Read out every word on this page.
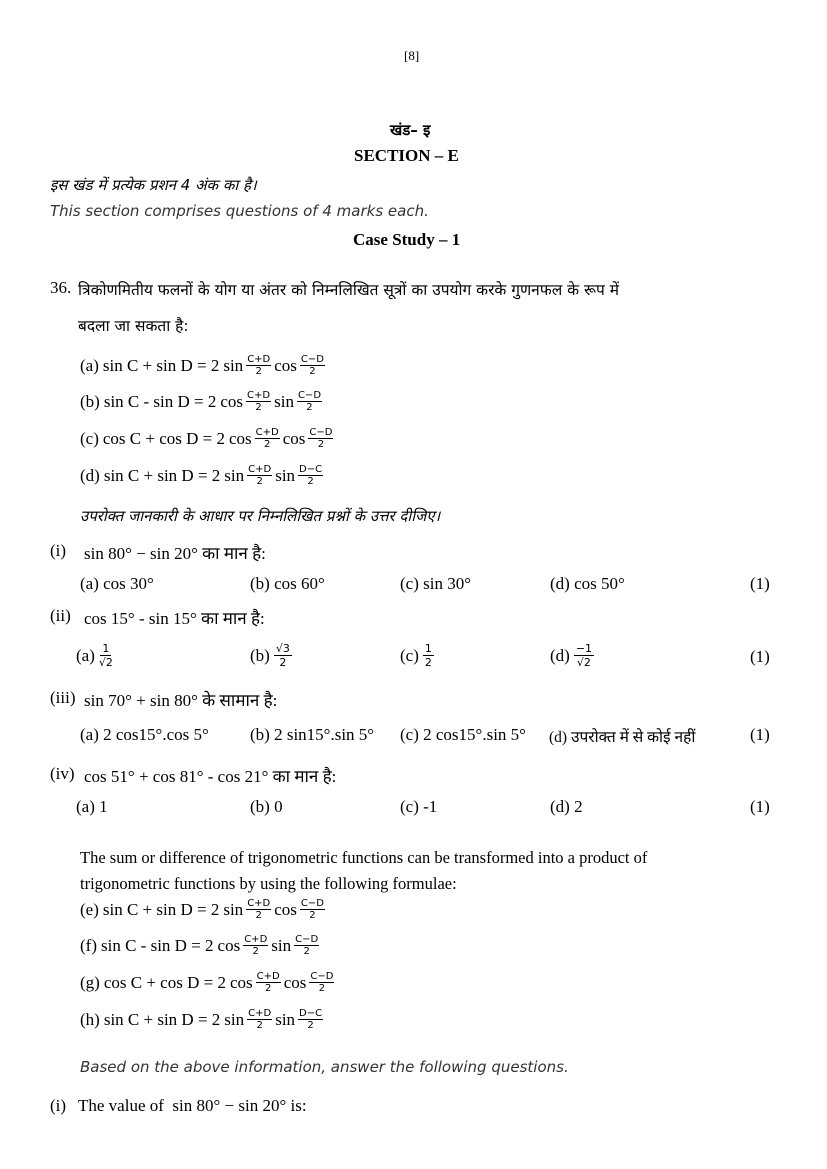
[8]
खंड– इ
SECTION – E
इस खंड में प्रत्येक प्रशन 4 अंक का है।
This section comprises questions of 4 marks each.
Case Study – 1
36. त्रिकोणमितीय फलनों के योग या अंतर को निम्नलिखित सूत्रों का उपयोग करके गुणनफल के रूप में
बदला जा सकता है:
(a) sin C + sin D = 2 $\sin \frac{C+D}{2}$ $\cos \frac{C-D}{2}$
(b) sin C - sin D = 2 $\cos \frac{C+D}{2}$ $\sin \frac{C-D}{2}$
(c) cos C + cos D = 2 $\cos \frac{C+D}{2}$ $\cos \frac{C-D}{2}$
(d) sin C + sin D = 2 $\sin \frac{C+D}{2}$ $\sin \frac{D-C}{2}$
उपरोक्त जानकारी के आधार पर निम्नलिखित प्रश्नों के उत्तर दीजिए।
(i) sin 80° − sin 20° का मान है:
(a) cos 30°	(b) cos 60°	(c) sin 30°	(d) cos 50°	(1)
(ii) cos 15° - sin 15° का मान है:
$(a) \frac{1}{√2}$	$(b) \frac{√3}{2}$	$(c) \frac{1}{2}$	$(d) \frac{-1}{√2}$	(1)
(iii) sin 70° + sin 80° के सामान है:
(a) 2 cos15°.cos 5° (b) 2 sin15°.sin 5° (c) 2 cos15°.sin 5° (d) उपरोक्त में से कोई नहीं	(1)
(iv) cos 51° + cos 81° - cos 21° का मान है:
(a) 1	(b) 0	(c) -1	(d) 2	(1)
The sum or difference of trigonometric functions can be transformed into a product of
trigonometric functions by using the following formulae:
(e) sin C + sin D = 2 $\sin \frac{C+D}{2}$ $\cos \frac{C-D}{2}$
(f) sin C - sin D = 2 $\cos \frac{C+D}{2}$ $\sin \frac{C-D}{2}$
(g) cos C + cos D = 2 $\cos \frac{C+D}{2}$ $\cos \frac{C-D}{2}$
(h) sin C + sin D = 2 $\sin \frac{C+D}{2}$ $\sin \frac{D-C}{2}$
Based on the above information, answer the following questions.
(i) The value of  sin 80° − sin 20° is:
